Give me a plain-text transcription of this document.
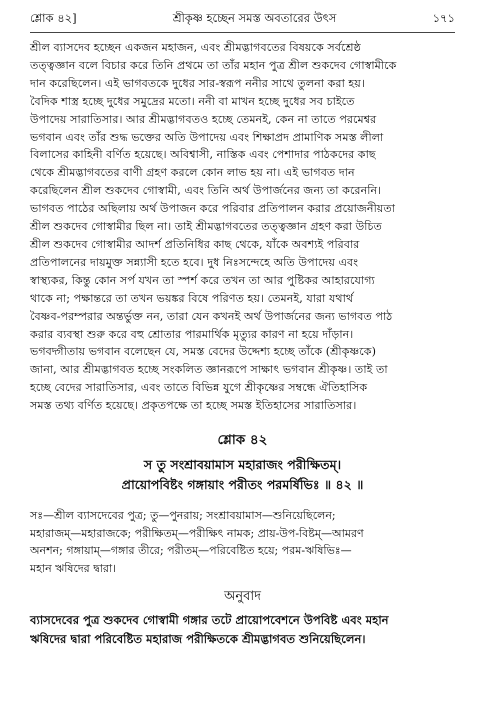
শ্লোক ৪২]	শ্রীকৃষ্ণ হচ্ছেন সমস্ত অবতারের উৎস	১৭১
শ্রীল ব্যাসদেব হচ্ছেন একজন মহাজন, এবং শ্রীমদ্ভাগবতের বিষয়কে সর্বশ্রেষ্ঠ
তত্ত্বজ্ঞান বলে বিচার করে তিনি প্রথমে তা তাঁর মহান পুত্র শ্রীল শুকদেব গোস্বামীকে
দান করেছিলেন। এই ভাগবতকে দুধের সার-স্বরূপ ননীর সাথে তুলনা করা হয়।
বৈদিক শাস্ত্র হচ্ছে দুধের সমুদ্রের মতো। ননী বা মাখন হচ্ছে দুধের সব চাইতে
উপাদেয় সারাতিসার। আর শ্রীমদ্ভাগবতও হচ্ছে তেমনই, কেন না তাতে পরমেশ্বর
ভগবান এবং তাঁর শুদ্ধ ভক্তের অতি উপাদেয় এবং শিক্ষাপ্রদ প্রামাণিক সমস্ত লীলা
বিলাসের কাহিনী বর্ণিত হয়েছে। অবিশ্বাসী, নাস্তিক এবং পেশাদার পাঠকদের কাছ
থেকে শ্রীমদ্ভাগবতের বাণী গ্রহণ করলে কোন লাভ হয় না। এই ভাগবত দান
করেছিলেন শ্রীল শুকদেব গোস্বামী, এবং তিনি অর্থ উপার্জনের জন্য তা করেননি।
ভাগবত পাঠের অছিলায় অর্থ উপাজন করে পরিবার প্রতিপালন করার প্রয়োজনীয়তা
শ্রীল শুকদেব গোস্বামীর ছিল না। তাই শ্রীমদ্ভাগবতের তত্ত্বজ্ঞান গ্রহণ করা উচিত
শ্রীল শুকদেব গোস্বামীর আদর্শ প্রতিনিধির কাছ থেকে, যাঁকে অবশ্যই পরিবার
প্রতিপালনের দায়মুক্ত সন্ন্যাসী হতে হবে। দুধ নিঃসন্দেহে অতি উপাদেয় এবং
স্বাস্থ্যকর, কিন্তু কোন সর্প যখন তা স্পর্শ করে তখন তা আর পুষ্টিকর আহারযোগ্য
থাকে না; পক্ষান্তরে তা তখন ভয়ঙ্কর বিষে পরিণত হয়। তেমনই, যারা যথার্থ
বৈষ্ণব-পরম্পরার অন্তর্ভুক্ত নন, তারা যেন কখনই অর্থ উপার্জনের জন্য ভাগবত পাঠ
করার ব্যবস্থা শুরু করে বহু শ্রোতার পারমার্থিক মৃত্যুর কারণ না হয়ে দাঁড়ান।
ভগবদ্গীতায় ভগবান বলেছেন যে, সমস্ত বেদের উদ্দেশ্য হচ্ছে তাঁকে (শ্রীকৃষ্ণকে)
জানা, আর শ্রীমদ্ভাগবত হচ্ছে সংকলিত জ্ঞানরূপে সাক্ষাৎ ভগবান শ্রীকৃষ্ণ। তাই তা
হচ্ছে বেদের সারাতিসার, এবং তাতে বিভিন্ন যুগে শ্রীকৃষ্ণের সম্বন্ধে ঐতিহাসিক
সমস্ত তথ্য বর্ণিত হয়েছে। প্রকৃতপক্ষে তা হচ্ছে সমস্ত ইতিহাসের সারাতিসার।
শ্লোক ৪২
স তু সংশ্রাবয়ামাস মহারাজং পরীক্ষিতম্।
প্রায়োপবিষ্টং গঙ্গায়াং পরীতং পরমর্ষিভিঃ ॥ ৪২ ॥
সঃ—শ্রীল ব্যাসদেবের পুত্র; তু—পুনরায়; সংশ্রাবয়ামাস—শুনিয়েছিলেন;
মহারাজম্—মহারাজকে; পরীক্ষিতম্—পরীক্ষিৎ নামক; প্রায়-উপ-বিষ্টম্—আমরণ
অনশন; গঙ্গায়াম্—গঙ্গার তীরে; পরীতম্—পরিবেষ্টিত হয়ে; পরম-ঋষিভিঃ—
মহান ঋষিদের দ্বারা।
অনুবাদ
ব্যাসদেবের পুত্র শুকদেব গোস্বামী গঙ্গার তটে প্রায়োপবেশনে উপবিষ্ট এবং মহান
ঋষিদের দ্বারা পরিবেষ্টিত মহারাজ পরীক্ষিতকে শ্রীমদ্ভাগবত শুনিয়েছিলেন।
